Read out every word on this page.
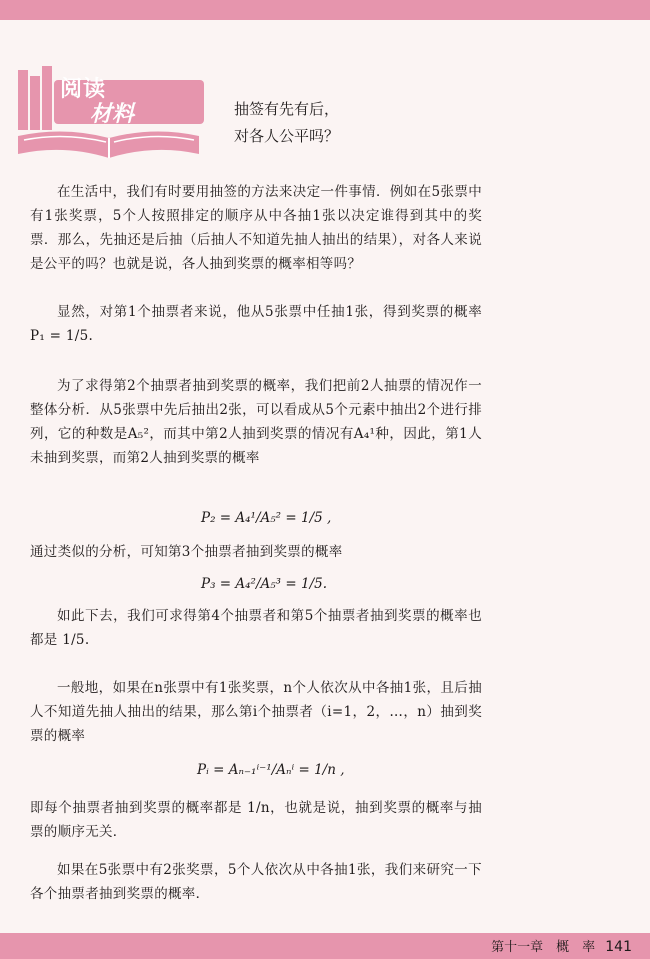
阅读
材料	抽签有先有后，
对各人公平吗？
在生活中，我们有时要用抽签的方法来决定一件事情．例如在5张票中有1张奖票，5个人按照排定的顺序从中各抽1张以决定谁得到其中的奖票．那么，先抽还是后抽（后抽人不知道先抽人抽出的结果），对各人来说是公平的吗？也就是说，各人抽到奖票的概率相等吗？
显然，对第1个抽票者来说，他从5张票中任抽1张，得到奖票的概率 P₁ = 1/5.
为了求得第2个抽票者抽到奖票的概率，我们把前2人抽票的情况作一整体分析．从5张票中先后抽出2张，可以看成从5个元素中抽出2个进行排列，它的种数是A₅²，而其中第2人抽到奖票的情况有A₄¹种，因此，第1人未抽到奖票，而第2人抽到奖票的概率
P₂ = A₄¹/A₅² = 1/5 ,
通过类似的分析，可知第3个抽票者抽到奖票的概率
P₃ = A₄²/A₅³ = 1/5.
如此下去，我们可求得第4个抽票者和第5个抽票者抽到奖票的概率也都是 1/5.
一般地，如果在n张票中有1张奖票，n个人依次从中各抽1张，且后抽人不知道先抽人抽出的结果，那么第i个抽票者（i=1，2，…，n）抽到奖票的概率
Pᵢ = Aₙ₋₁ⁱ⁻¹/Aₙⁱ = 1/n ,
即每个抽票者抽到奖票的概率都是 1/n，也就是说，抽到奖票的概率与抽票的顺序无关．
如果在5张票中有2张奖票，5个人依次从中各抽1张，我们来研究一下各个抽票者抽到奖票的概率．
第十一章　概　率 141
